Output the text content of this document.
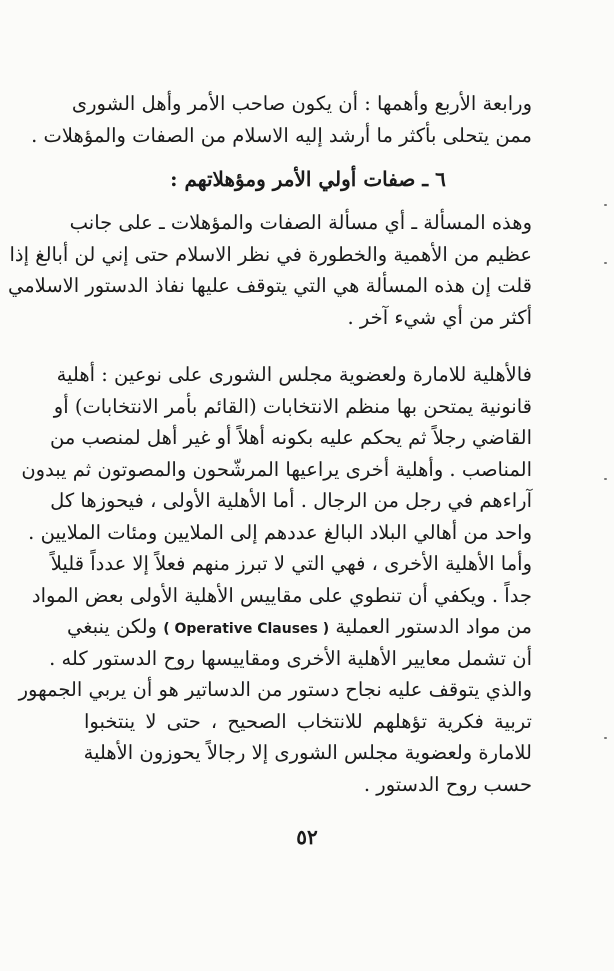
ورابعة الأربع وأهمها : أن يكون صاحب الأمر وأهل الشورى
ممن يتحلى بأكثر ما أرشد إليه الاسلام من الصفات والمؤهلات .
٦ ـ صفات أولي الأمر ومؤهلاتهم :
وهذه المسألة ـ أي مسألة الصفات والمؤهلات ـ على جانب
عظيم من الأهمية والخطورة في نظر الاسلام حتى إني لن أبالغ إذا
قلت إن هذه المسألة هي التي يتوقف عليها نفاذ الدستور الاسلامي
أكثر من أي شيء آخر .
فالأهلية للامارة ولعضوية مجلس الشورى على نوعين : أهلية
قانونية يمتحن بها منظم الانتخابات (القائم بأمر الانتخابات) أو
القاضي رجلاً ثم يحكم عليه بكونه أهلاً أو غير أهل لمنصب من
المناصب . وأهلية أخرى يراعيها المرشّحون والمصوتون ثم يبدون
آراءهم في رجل من الرجال . أما الأهلية الأولى ، فيحوزها كل
واحد من أهالي البلاد البالغ عددهم إلى الملايين ومئات الملايين .
وأما الأهلية الأخرى ، فهي التي لا تبرز منهم فعلاً إلا عدداً قليلاً
جداً . ويكفي أن تنطوي على مقاييس الأهلية الأولى بعض المواد
من مواد الدستور العملية ( Operative Clauses ) ولكن ينبغي
أن تشمل معايير الأهلية الأخرى ومقاييسها روح الدستور كله .
والذي يتوقف عليه نجاح دستور من الدساتير هو أن يربي الجمهور
تربية فكرية تؤهلهم للانتخاب الصحيح ، حتى لا ينتخبوا
للامارة ولعضوية مجلس الشورى إلا رجالاً يحوزون الأهلية
حسب روح الدستور .
٥٢
